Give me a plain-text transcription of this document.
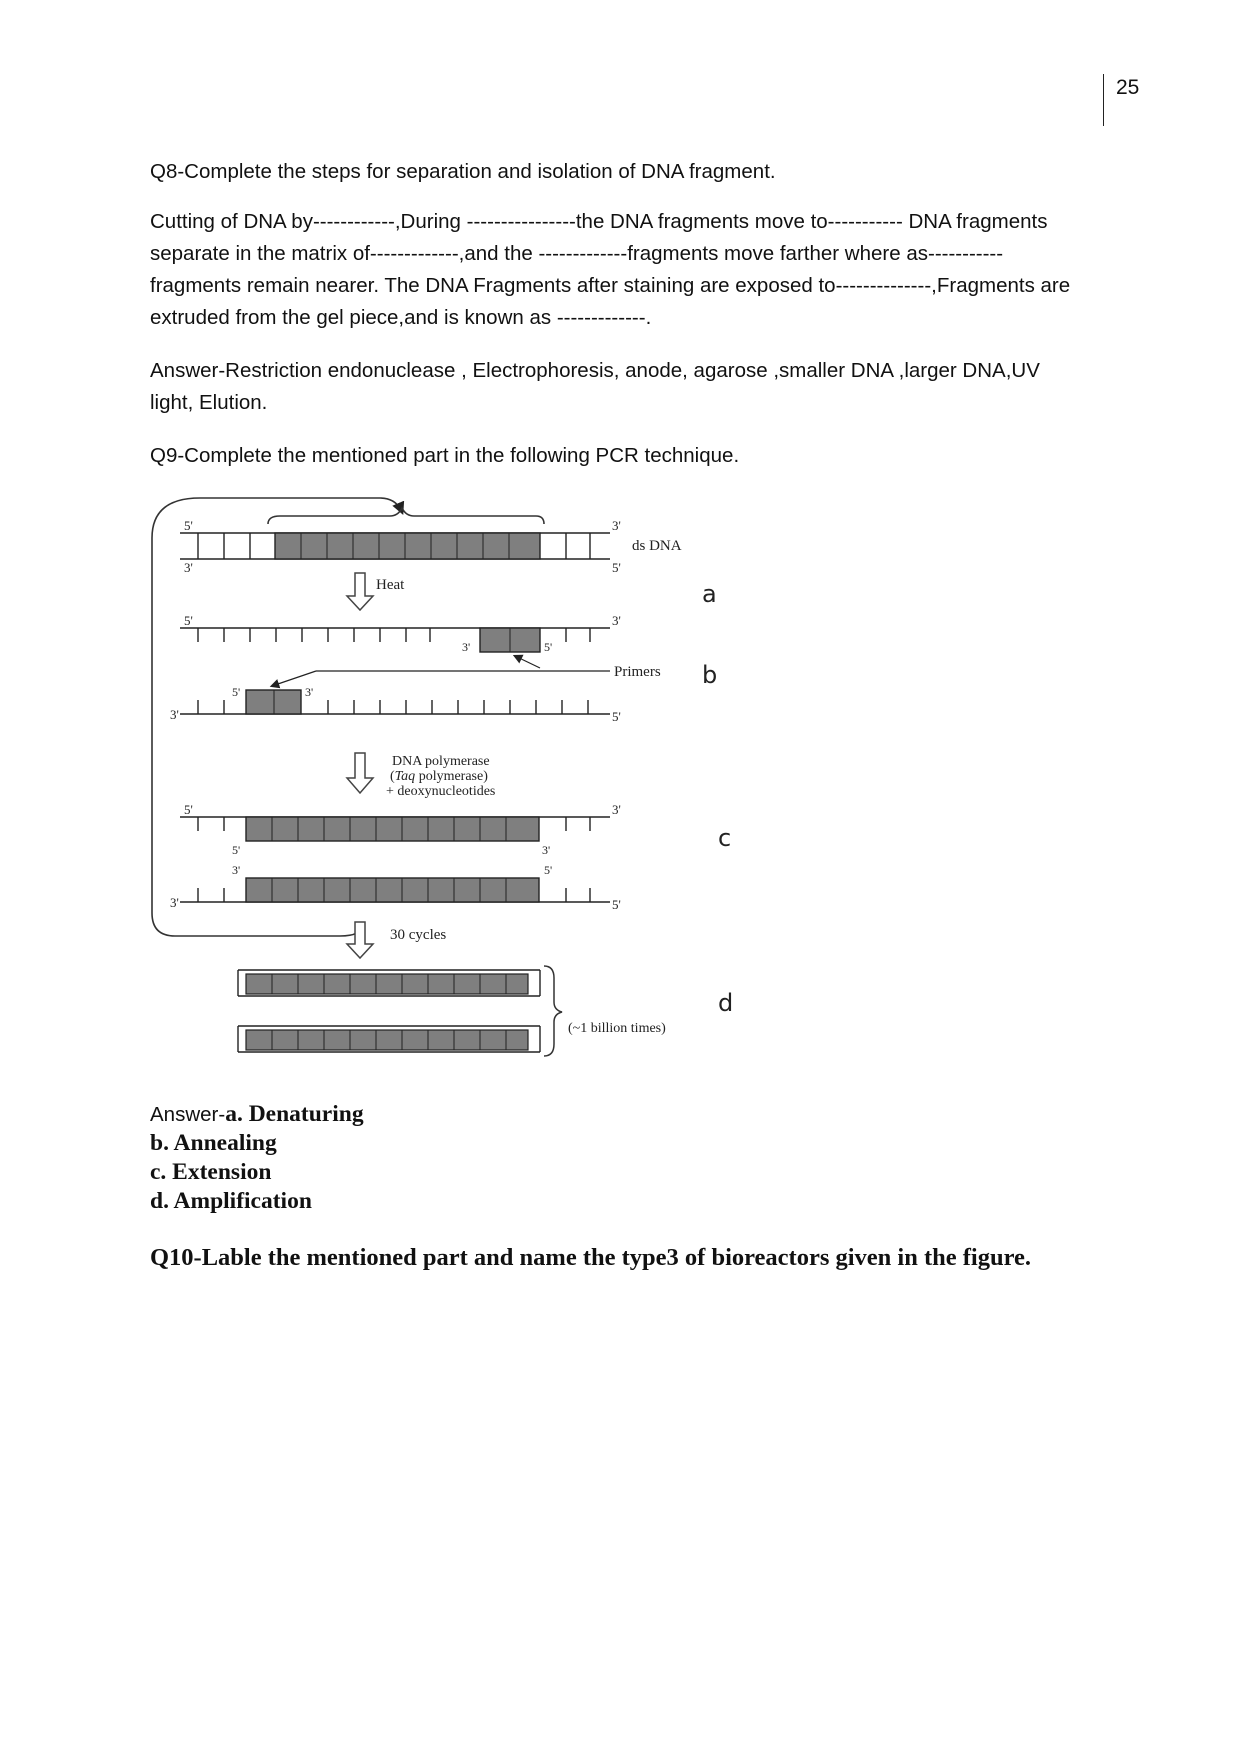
25
Q8-Complete the steps for separation and isolation of DNA fragment.
Cutting of DNA by------------,During ----------------the DNA fragments move to----------- DNA fragments
separate in the matrix of-------------,and the -------------fragments move farther where as-----------
fragments remain nearer. The DNA Fragments after staining are exposed to--------------,Fragments are
extruded from the gel piece,and is known as -------------.
Answer-Restriction endonuclease , Electrophoresis, anode, agarose ,smaller DNA ,larger DNA,UV
light, Elution.
Q9-Complete the mentioned part in the following PCR technique.
5'
3'
3'
5'
ds DNA
Heat
5'	3'
3'	5'
Primers
3'	5'
5'	3'
DNA polymerase
(Taq polymerase)
+ deoxynucleotides
5'	3'
5'	3'
3'	5'
3'	5'
30 cycles
(~1 billion times)
a
b
c
d
Answer-a. Denaturing
b. Annealing
c. Extension
d. Amplification
Q10-Lable the mentioned part and name the type3 of bioreactors given in the figure.
